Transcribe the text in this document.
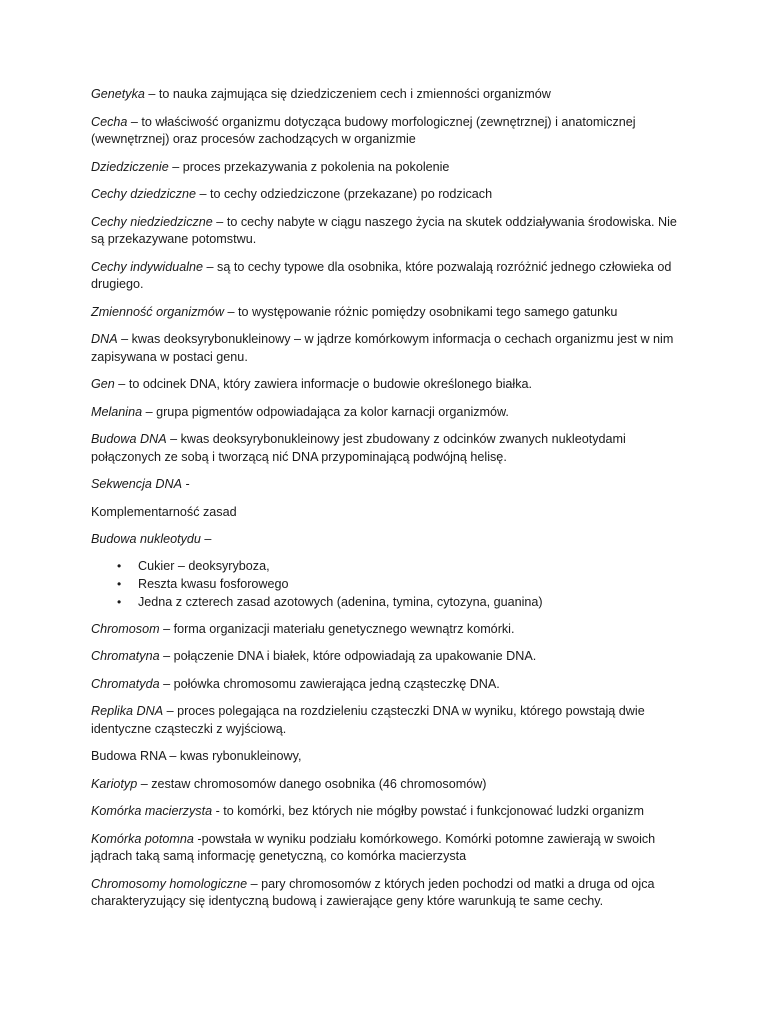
Genetyka – to nauka zajmująca się dziedziczeniem cech i zmienności organizmów

Cecha – to właściwość organizmu dotycząca budowy morfologicznej (zewnętrznej) i anatomicznej (wewnętrznej) oraz procesów zachodzących w organizmie

Dziedziczenie – proces przekazywania z pokolenia na pokolenie

Cechy dziedziczne – to cechy odziedziczone (przekazane) po rodzicach

Cechy niedziedziczne – to cechy nabyte w ciągu naszego życia na skutek oddziaływania środowiska. Nie są przekazywane potomstwu.

Cechy indywidualne – są to cechy typowe dla osobnika, które pozwalają rozróżnić jednego człowieka od drugiego.

Zmienność organizmów – to występowanie różnic pomiędzy osobnikami tego samego gatunku

DNA – kwas deoksyrybonukleinowy – w jądrze komórkowym informacja o cechach organizmu jest w nim zapisywana w postaci genu.

Gen – to odcinek DNA, który zawiera informacje o budowie określonego białka.

Melanina – grupa pigmentów odpowiadająca za kolor karnacji organizmów.

Budowa DNA – kwas deoksyrybonukleinowy jest zbudowany z odcinków zwanych nukleotydami połączonych ze sobą i tworzącą nić DNA przypominającą podwójną helisę.

Sekwencja DNA -

Komplementarność zasad

Budowa nukleotydu –

• Cukier – deoksyryboza,
• Reszta kwasu fosforowego
• Jedna z czterech zasad azotowych (adenina, tymina, cytozyna, guanina)

Chromosom – forma organizacji materiału genetycznego wewnątrz komórki.

Chromatyna – połączenie DNA i białek, które odpowiadają za upakowanie DNA.

Chromatyda – połówka chromosomu zawierająca jedną cząsteczkę DNA.

Replika DNA – proces polegająca na rozdzieleniu cząsteczki DNA w wyniku, którego powstają dwie identyczne cząsteczki z wyjściową.

Budowa RNA – kwas rybonukleinowy,

Kariotyp – zestaw chromosomów danego osobnika (46 chromosomów)

Komórka macierzysta - to komórki, bez których nie mógłby powstać i funkcjonować ludzki organizm

Komórka potomna -powstała w wyniku podziału komórkowego. Komórki potomne zawierają w swoich jądrach taką samą informację genetyczną, co komórka macierzysta

Chromosomy homologiczne – pary chromosomów z których jeden pochodzi od matki a druga od ojca charakteryzujący się identyczną budową i zawierające geny które warunkują te same cechy.
